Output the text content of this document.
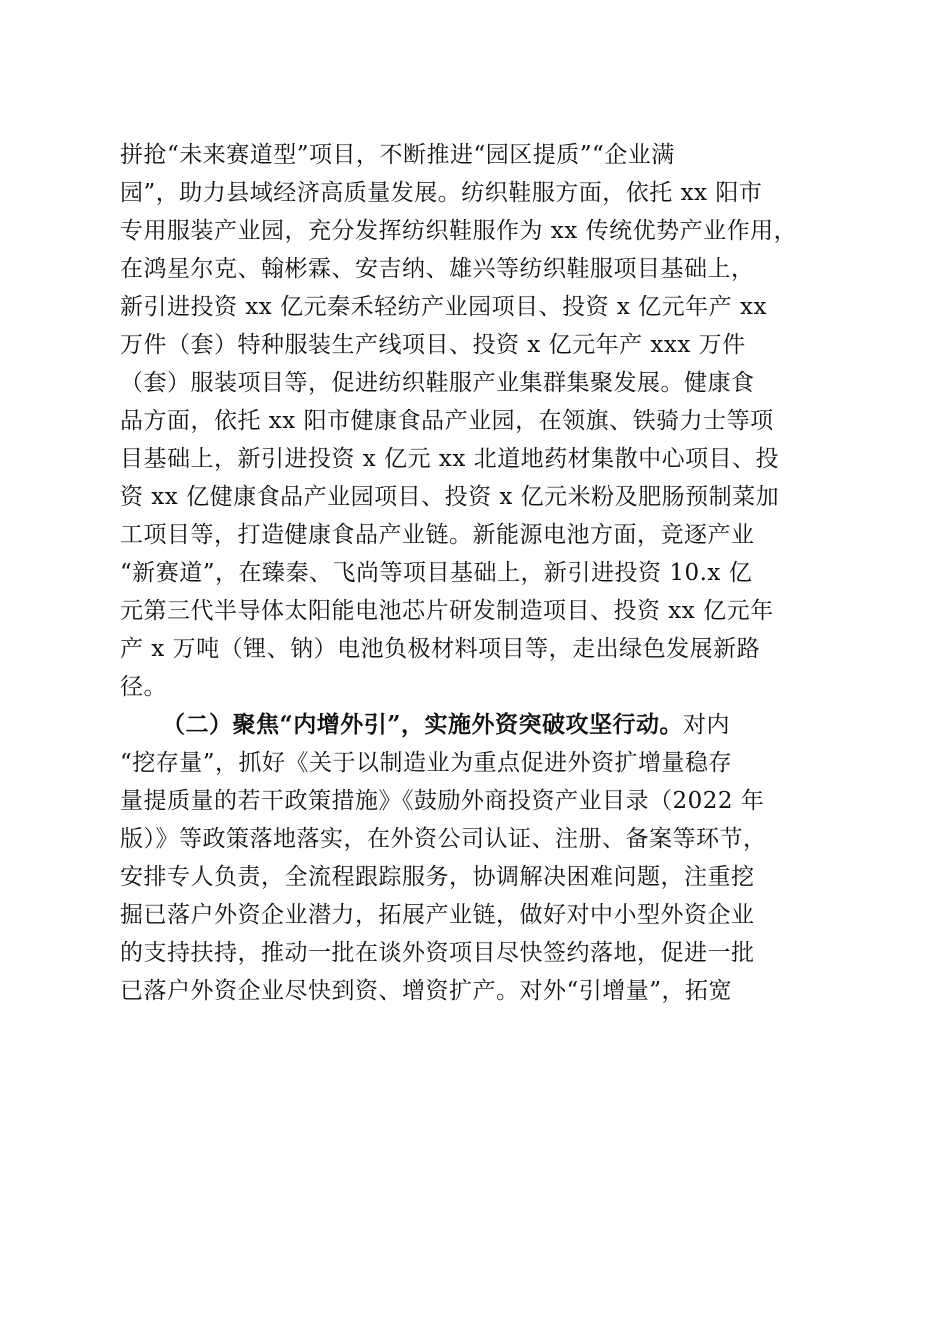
拼抢“未来赛道型”项目，不断推进“园区提质”“企业满
园”，助力县域经济高质量发展。纺织鞋服方面，依托 xx 阳市
专用服装产业园，充分发挥纺织鞋服作为 xx 传统优势产业作用，
在鸿星尔克、翰彬霖、安吉纳、雄兴等纺织鞋服项目基础上，
新引进投资 xx 亿元秦禾轻纺产业园项目、投资 x 亿元年产 xx
万件（套）特种服装生产线项目、投资 x 亿元年产 xxx 万件
（套）服装项目等，促进纺织鞋服产业集群集聚发展。健康食
品方面，依托 xx 阳市健康食品产业园，在领旗、铁骑力士等项
目基础上，新引进投资 x 亿元 xx 北道地药材集散中心项目、投
资 xx 亿健康食品产业园项目、投资 x 亿元米粉及肥肠预制菜加
工项目等，打造健康食品产业链。新能源电池方面，竞逐产业
“新赛道”，在臻秦、飞尚等项目基础上，新引进投资 10.x 亿
元第三代半导体太阳能电池芯片研发制造项目、投资 xx 亿元年
产 x 万吨（锂、钠）电池负极材料项目等，走出绿色发展新路
径。
（二）聚焦“内增外引”，实施外资突破攻坚行动。对内
“挖存量”，抓好《关于以制造业为重点促进外资扩增量稳存
量提质量的若干政策措施》《鼓励外商投资产业目录（2022 年
版）》等政策落地落实，在外资公司认证、注册、备案等环节，
安排专人负责，全流程跟踪服务，协调解决困难问题，注重挖
掘已落户外资企业潜力，拓展产业链，做好对中小型外资企业
的支持扶持，推动一批在谈外资项目尽快签约落地，促进一批
已落户外资企业尽快到资、增资扩产。对外“引增量”，拓宽
